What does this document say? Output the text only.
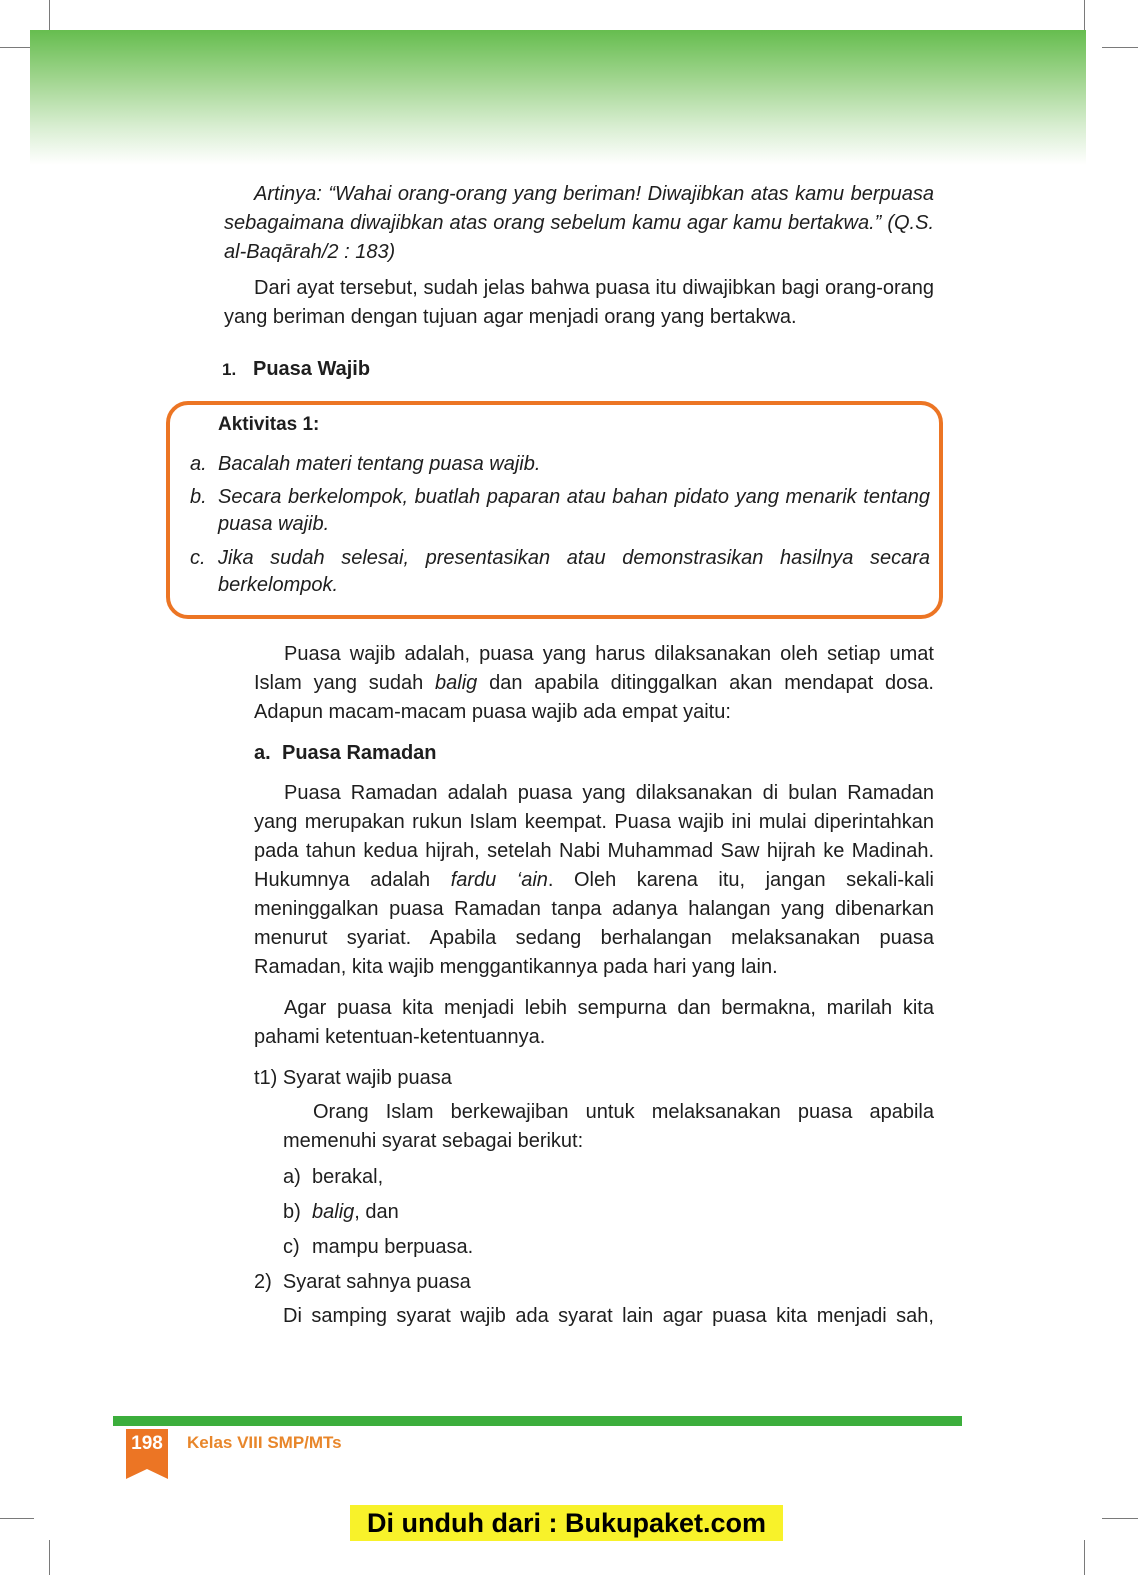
Artinya: “Wahai orang-orang yang beriman! Diwajibkan atas kamu berpuasa sebagaimana diwajibkan atas orang sebelum kamu agar kamu bertakwa.” (Q.S. al-Baqārah/2 : 183)

Dari ayat tersebut, sudah jelas bahwa puasa itu diwajibkan bagi orang-orang yang beriman dengan tujuan agar menjadi orang yang bertakwa.

1. Puasa Wajib
Aktivitas 1:
a. Bacalah materi tentang puasa wajib.
b. Secara berkelompok, buatlah paparan atau bahan pidato yang menarik tentang puasa wajib.
c. Jika sudah selesai, presentasikan atau demonstrasikan hasilnya secara berkelompok.

Puasa wajib adalah, puasa yang harus dilaksanakan oleh setiap umat Islam yang sudah balig dan apabila ditinggalkan akan mendapat dosa. Adapun macam-macam puasa wajib ada empat yaitu:

a. Puasa Ramadan

Puasa Ramadan adalah puasa yang dilaksanakan di bulan Ramadan yang merupakan rukun Islam keempat. Puasa wajib ini mulai diperintahkan pada tahun kedua hijrah, setelah Nabi Muhammad Saw hijrah ke Madinah. Hukumnya adalah fardu ‘ain. Oleh karena itu, jangan sekali-kali meninggalkan puasa Ramadan tanpa adanya halangan yang dibenarkan menurut syariat. Apabila sedang berhalangan melaksanakan puasa Ramadan, kita wajib menggantikannya pada hari yang lain.

Agar puasa kita menjadi lebih sempurna dan bermakna, marilah kita pahami ketentuan-ketentuannya.

t1) Syarat wajib puasa

Orang Islam berkewajiban untuk melaksanakan puasa apabila memenuhi syarat sebagai berikut:

a) berakal,
b) balig, dan
c) mampu berpuasa.
2)  Syarat sahnya puasa

Di samping syarat wajib ada syarat lain agar puasa kita menjadi sah,

198	Kelas VIII SMP/MTs
Di unduh dari : Bukupaket.com
